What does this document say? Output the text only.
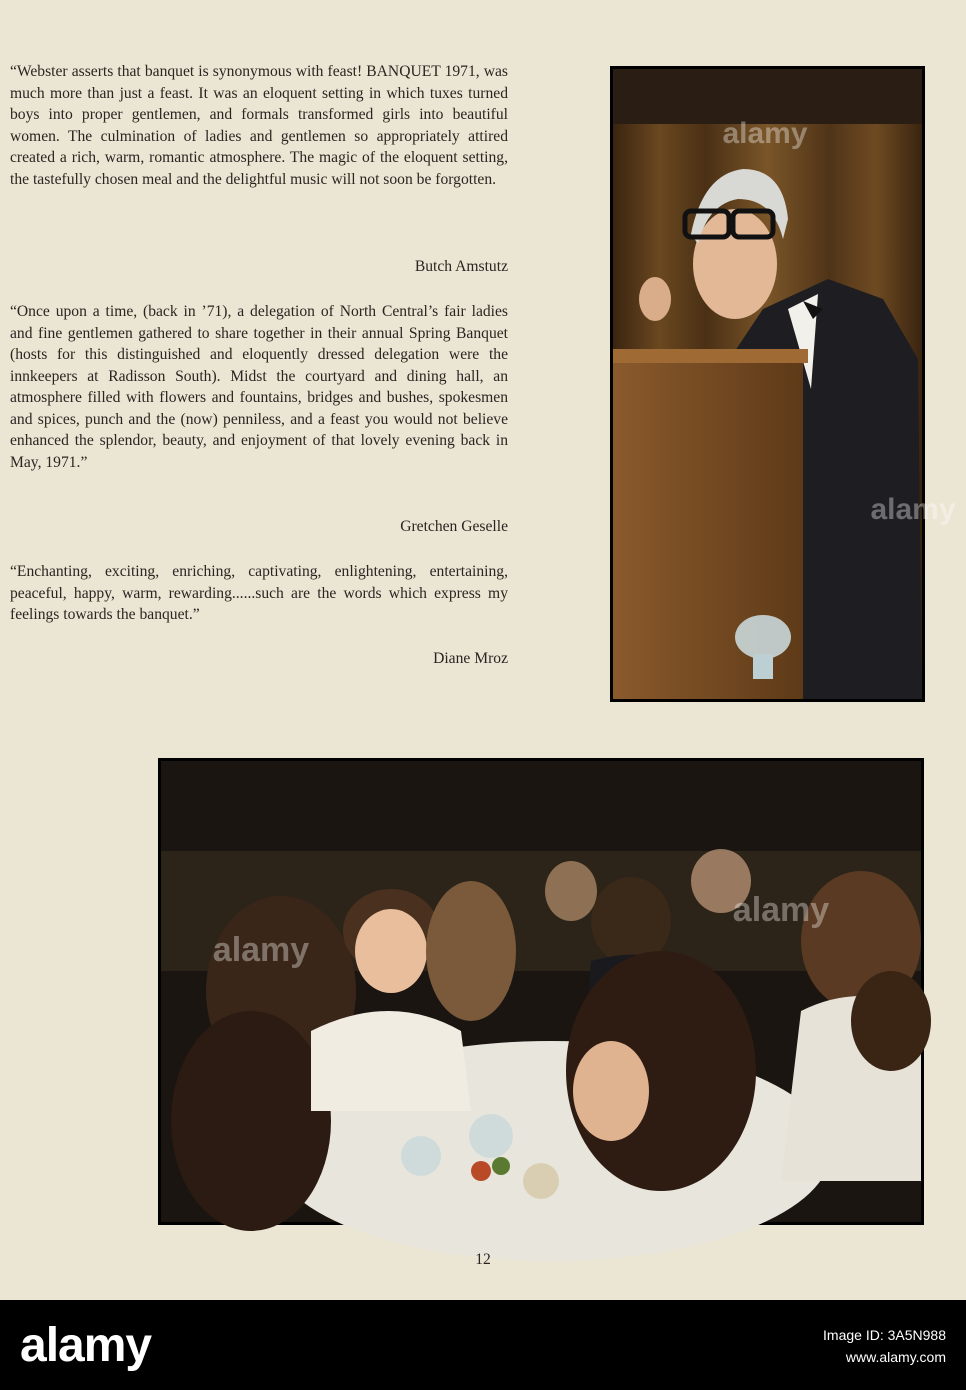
“Webster asserts that banquet is synonymous with feast! BANQUET 1971, was much more than just a feast. It was an eloquent setting in which tuxes turned boys into proper gentlemen, and formals transformed girls into beautiful women. The culmination of ladies and gentlemen so appropriately attired created a rich, warm, romantic atmosphere. The magic of the eloquent setting, the tastefully chosen meal and the delightful music will not soon be forgotten.

Butch Amstutz

“Once upon a time, (back in ’71), a delegation of North Central’s fair ladies and fine gentlemen gathered to share together in their annual Spring Banquet (hosts for this distinguished and eloquently dressed delegation were the innkeepers at Radisson South). Midst the courtyard and dining hall, an atmosphere filled with flowers and fountains, bridges and bushes, spokesmen and spices, punch and the (now) penniless, and a feast you would not believe enhanced the splendor, beauty, and enjoyment of that lovely evening back in May, 1971.”

Gretchen Geselle

“Enchanting, exciting, enriching, captivating, enlightening, entertaining, peaceful, happy, warm, rewarding......such are the words which express my feelings towards the banquet.”

Diane Mroz
alamy
alamy
alamy
alamy
12
alamy	Image ID: 3A5N988
www.alamy.com
